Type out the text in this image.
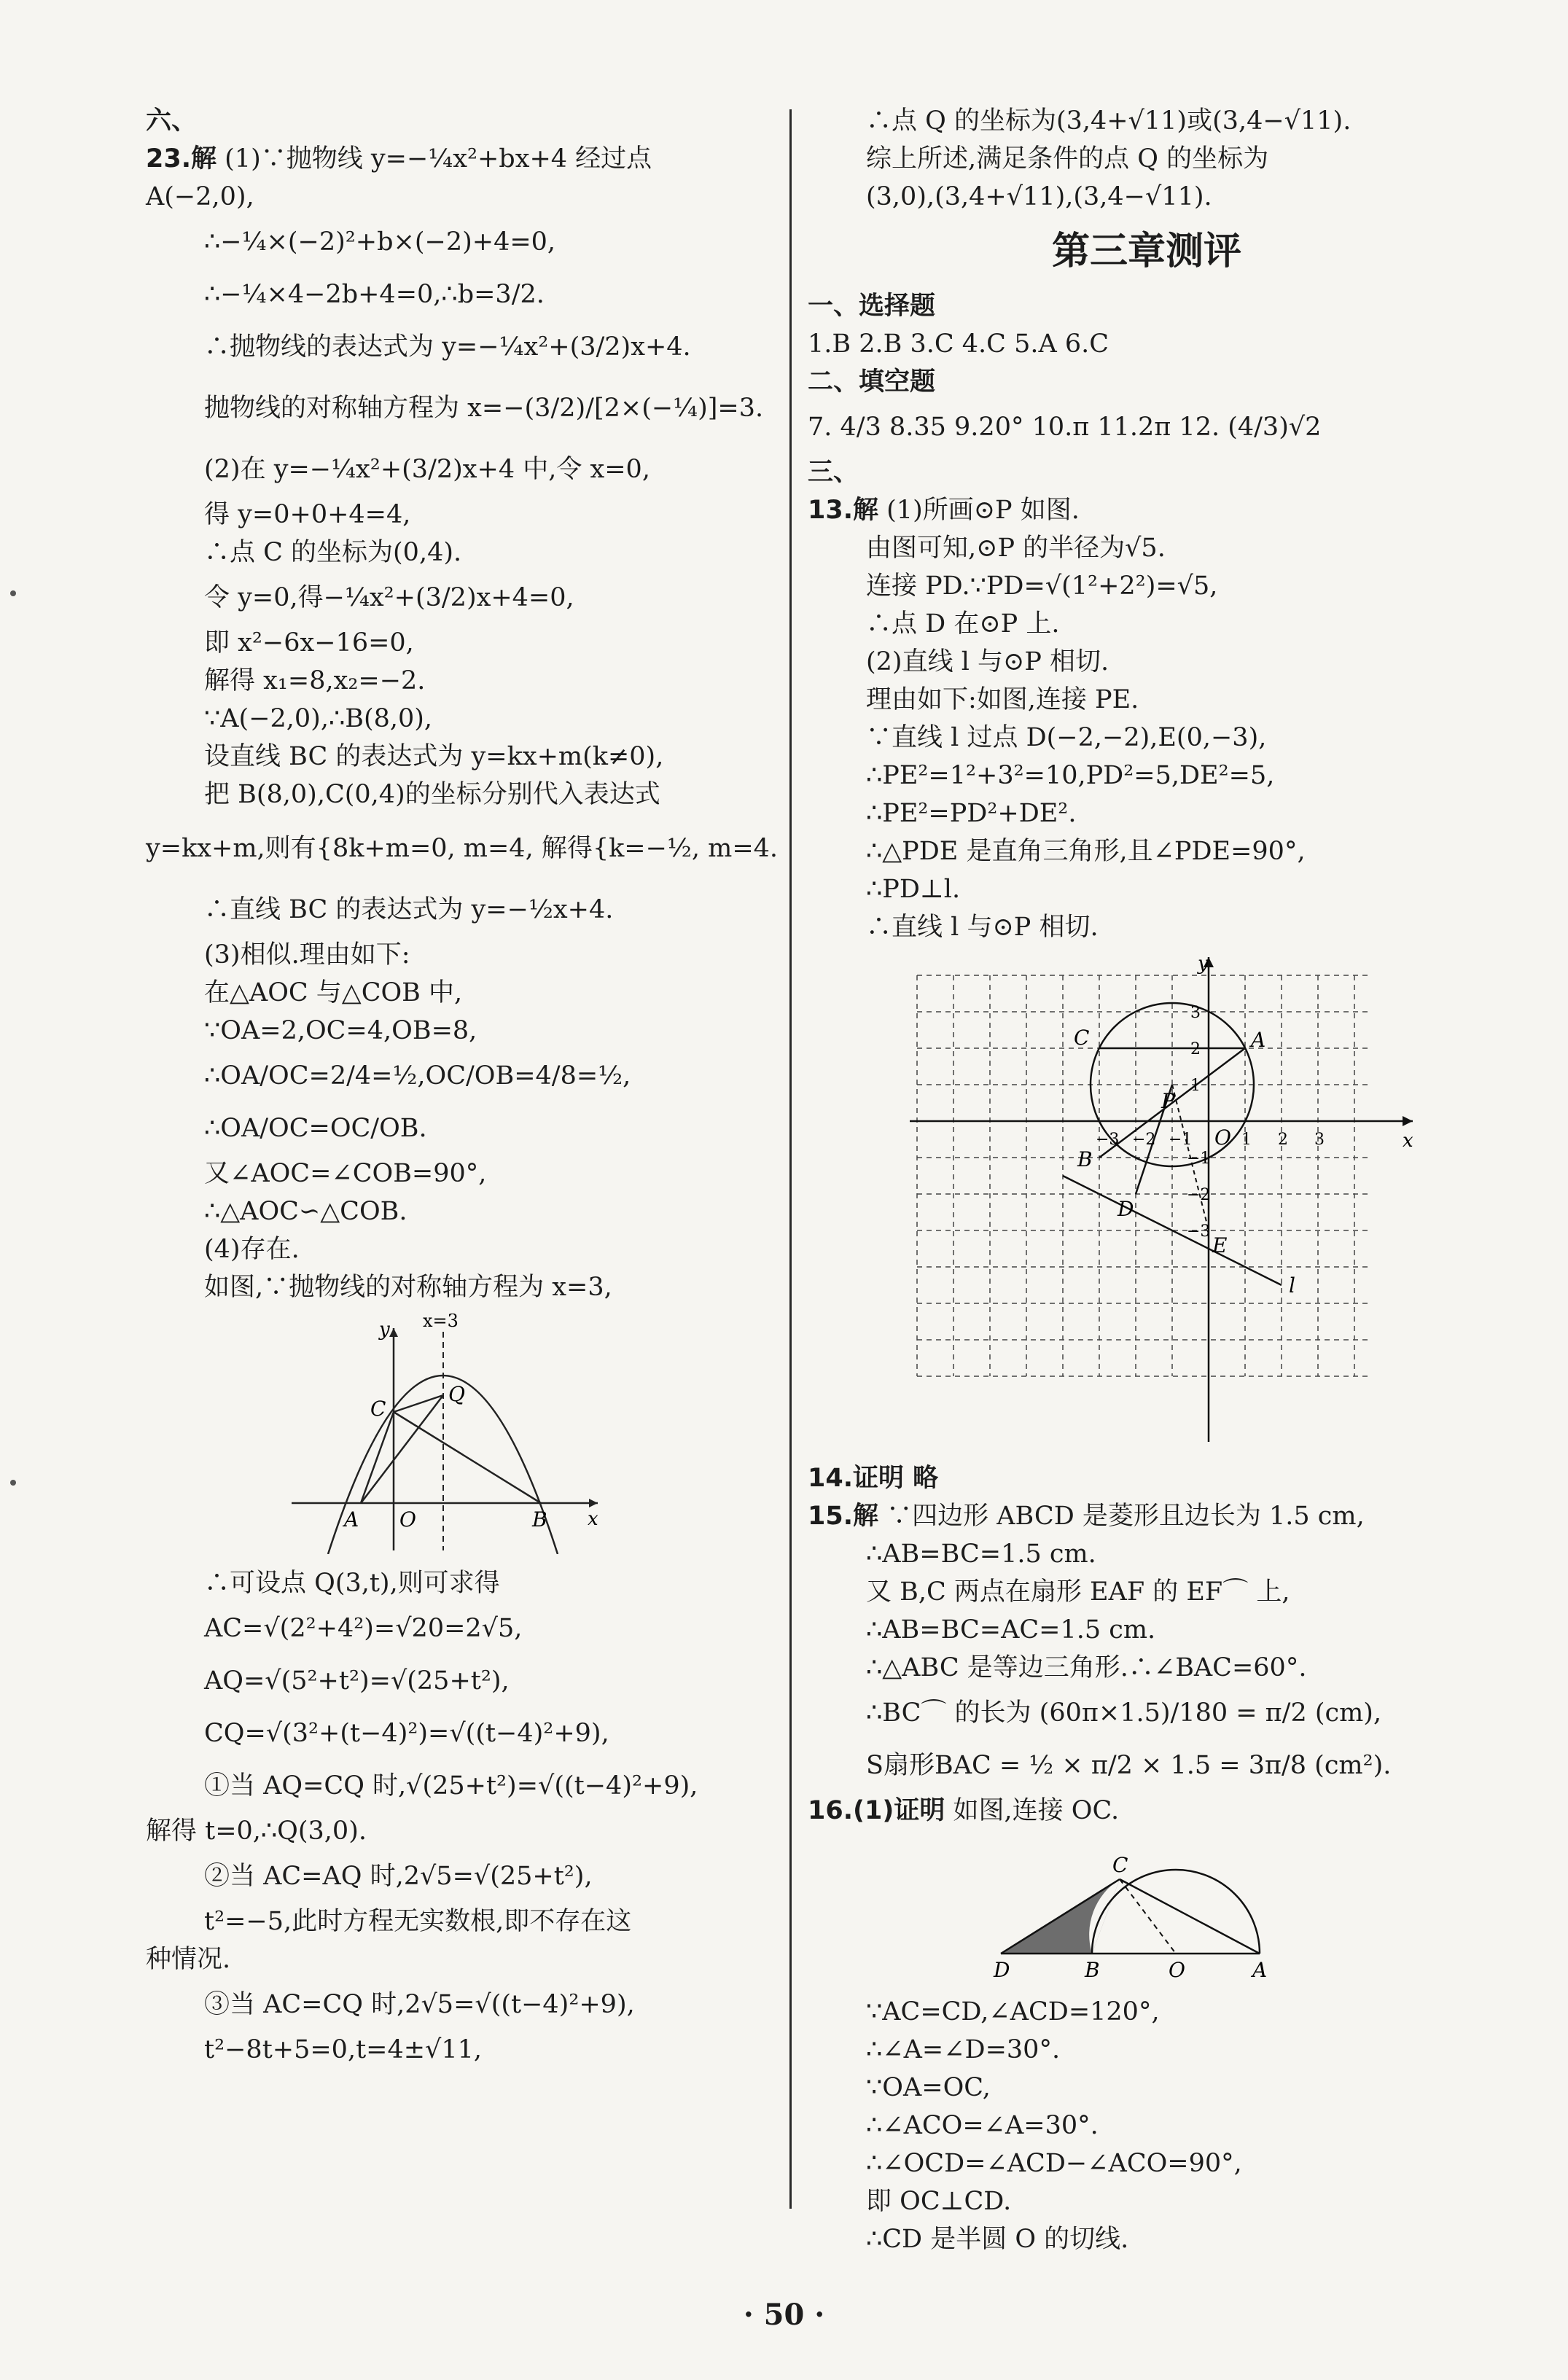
六、
23.解 (1)∵抛物线 y=−¼x²+bx+4 经过点
A(−2,0),
∴−¼×(−2)²+b×(−2)+4=0,
∴−¼×4−2b+4=0,∴b=3/2.
∴抛物线的表达式为 y=−¼x²+(3/2)x+4.
抛物线的对称轴方程为 x=−(3/2)/[2×(−¼)]=3.
(2)在 y=−¼x²+(3/2)x+4 中,令 x=0,
得 y=0+0+4=4,
∴点 C 的坐标为(0,4).
令 y=0,得−¼x²+(3/2)x+4=0,
即 x²−6x−16=0,
解得 x₁=8,x₂=−2.
∵A(−2,0),∴B(8,0),
设直线 BC 的表达式为 y=kx+m(k≠0),
把 B(8,0),C(0,4)的坐标分别代入表达式
y=kx+m,则有{8k+m=0, m=4, 解得{k=−½, m=4.
∴直线 BC 的表达式为 y=−½x+4.
(3)相似.理由如下:
在△AOC 与△COB 中,
∵OA=2,OC=4,OB=8,
∴OA/OC=2/4=½,OC/OB=4/8=½,
∴OA/OC=OC/OB.
又∠AOC=∠COB=90°,
∴△AOC∽△COB.
(4)存在.
如图,∵抛物线的对称轴方程为 x=3,
y
x
x=3
C
Q
A O	B
∴可设点 Q(3,t),则可求得
AC=√(2²+4²)=√20=2√5,
AQ=√(5²+t²)=√(25+t²),
CQ=√(3²+(t−4)²)=√((t−4)²+9),
①当 AQ=CQ 时,√(25+t²)=√((t−4)²+9),
解得 t=0,∴Q(3,0).
②当 AC=AQ 时,2√5=√(25+t²),
t²=−5,此时方程无实数根,即不存在这
种情况.
③当 AC=CQ 时,2√5=√((t−4)²+9),
t²−8t+5=0,t=4±√11,
∴点 Q 的坐标为(3,4+√11)或(3,4−√11).
综上所述,满足条件的点 Q 的坐标为
(3,0),(3,4+√11),(3,4−√11).
第三章测评
一、选择题
1.B 2.B 3.C 4.C 5.A 6.C
二、填空题
7. 4/3 8.35 9.20° 10.π 11.2π 12. (4/3)√2
三、
13.解 (1)所画⊙P 如图.
由图可知,⊙P 的半径为√5.
连接 PD.∵PD=√(1²+2²)=√5,
∴点 D 在⊙P 上.
(2)直线 l 与⊙P 相切.
理由如下:如图,连接 PE.
∵直线 l 过点 D(−2,−2),E(0,−3),
∴PE²=1²+3²=10,PD²=5,DE²=5,
∴PE²=PD²+DE².
∴△PDE 是直角三角形,且∠PDE=90°,
∴PD⊥l.
∴直线 l 与⊙P 相切.
y
x
C	A
P
O
B
D
E
l
−3 −2 −1	1 2 3
3
2
1
−1
−2
−3
14.证明 略
15.解 ∵四边形 ABCD 是菱形且边长为 1.5 cm,
∴AB=BC=1.5 cm.
又 B,C 两点在扇形 EAF 的 EF⌒ 上,
∴AB=BC=AC=1.5 cm.
∴△ABC 是等边三角形.∴∠BAC=60°.
∴BC⌒ 的长为 (60π×1.5)/180 = π/2 (cm),
S扇形BAC = ½ × π/2 × 1.5 = 3π/8 (cm²).
16.(1)证明 如图,连接 OC.
C
D	B	O	A
∵AC=CD,∠ACD=120°,
∴∠A=∠D=30°.
∵OA=OC,
∴∠ACO=∠A=30°.
∴∠OCD=∠ACD−∠ACO=90°,
即 OC⊥CD.
∴CD 是半圆 O 的切线.
· 50 ·
